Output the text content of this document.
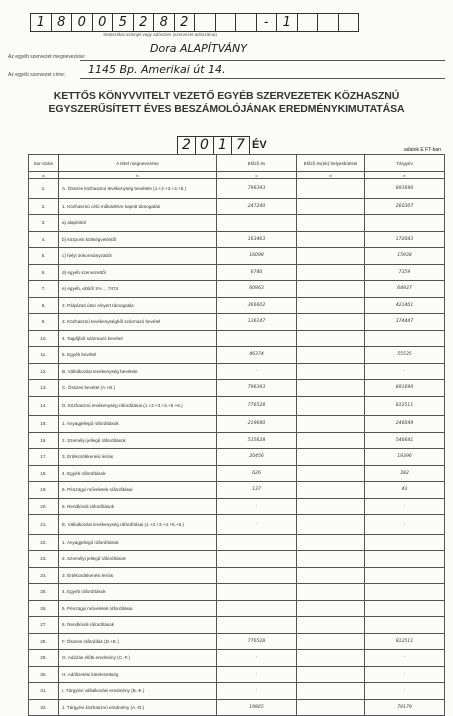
1 8 0 0 5 2 8 2	-	1
Statisztikai számjel vagy adószám (szervezet adószáma)
Az egyéb szervezet megnevezése:
Dora ALAPÍTVÁNY
Az egyéb szervezet címe: 1145 Bp. Amerikai út 14.
KETTŐS KÖNYVVITELT VEZETŐ EGYÉB SZERVEZETEK KÖZHASZNÚ
EGYSZERŰSÍTETT ÉVES BESZÁMOLÓJÁNAK EREDMÉNYKIMUTATÁSA
2 0 1 7 ÉV	adatok E FT-ban
Sor-szám	A tétel megnevezése	Előző év	Előző év(ek) helyesbítései	Tárgyév
a	b	c	d	e
1.	A. Összes közhasznú tevékenység bevétele (1.+2.+3.+4.+5.)	796393		891690
2.	1. Közhasznú célú működésre kapott támogatás	247240		260307
3.	a) alapítótól			
4.	b) központi költségvetéstől	163463		172043
5.	c) helyi önkormányzattól	16098		15938
6.	d) egyéb szervezettől	6740		7359
7.	e) egyéb, ebből 1% ... 7474	60963		64927
8.	2. Pályázati úton elnyert támogatás	366602		421401
9.	3. Közhasznú tevékenységből származó bevétel	136147		174447
10.	4. Tagdíjból származó bevétel			
11.	5. Egyéb bevétel	46374		55535
12.	B. Vállalkozási tevékenység bevétele	-		-
13.	C. Összes bevétel (A.+B.)	796393		891690
14.	D. Közhasznú tevékenység ráfordításai (1.+2.+3.+4.+5.+6.)	776528		812511
15.	1. Anyagjellegű ráfordítások	219680		246049
16.	2. Személyi jellegű ráfordítások	535628		546641
17.	3. Értékcsökkenési leírás	20456		19396
18.	4. Egyéb ráfordítások	626		382
19.	5. Pénzügyi műveletek ráfordításai	137		43
20.	6. Rendkívüli ráfordítások	-		-
21.	E. Vállalkozási tevékenység ráfordításai (1.+2.+3.+4.+5.+6.)	-		-
22.	1. Anyagjellegű ráfordítások			
23.	2. Személyi jellegű ráfordítások			
24.	3. Értékcsökkenési leírás			
25.	4. Egyéb ráfordítások			
26.	5. Pénzügyi műveletek ráfordításai			
27.	6. Rendkívüli ráfordítások			
28.	F. Összes ráfordítás (D.+E.)	776528		812511
29.	G. Adózás előtti eredmény (C.-F.)	-		-
30.	H. Adófizetési kötelezettség	-		-
31.	I. Tárgyévi vállalkozási eredmény (B.-E.)	-		-
32.	J. Tárgyévi közhasznú eredmény (A.-D.)	19865		79179
